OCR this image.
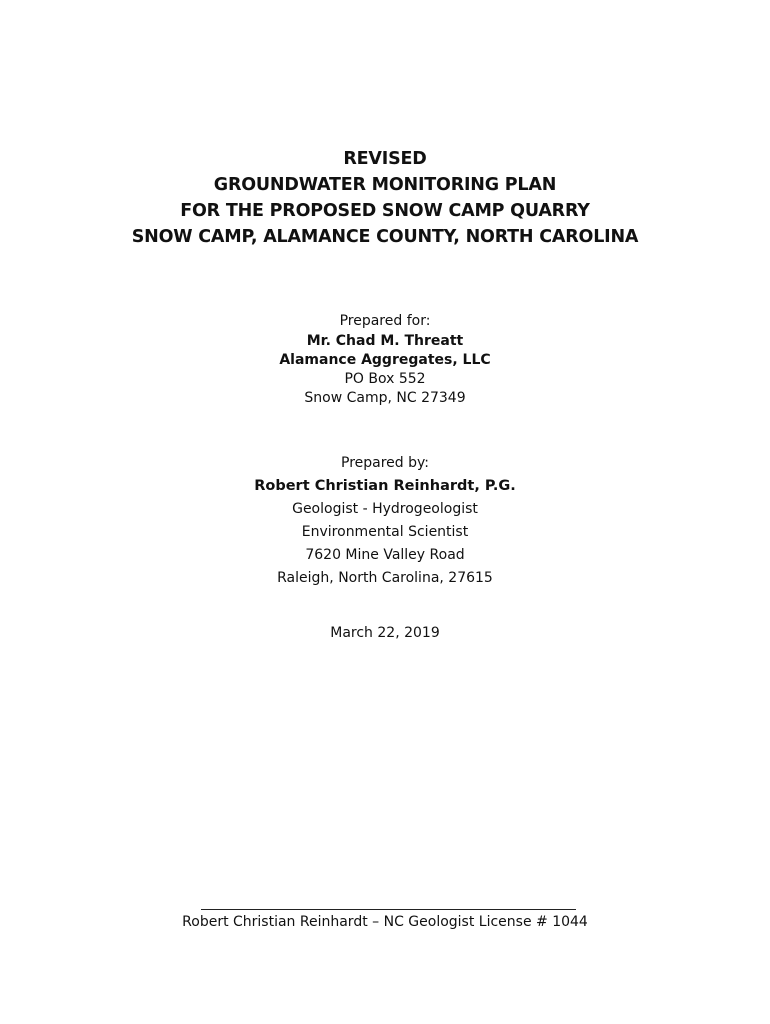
REVISED
GROUNDWATER MONITORING PLAN
FOR THE PROPOSED SNOW CAMP QUARRY
SNOW CAMP, ALAMANCE COUNTY, NORTH CAROLINA
Prepared for:
Mr. Chad M. Threatt
Alamance Aggregates, LLC
PO Box 552
Snow Camp, NC 27349
Prepared by:
Robert Christian Reinhardt, P.G.
Geologist - Hydrogeologist
Environmental Scientist
7620 Mine Valley Road
Raleigh, North Carolina, 27615
March 22, 2019
Robert Christian Reinhardt – NC Geologist License # 1044
